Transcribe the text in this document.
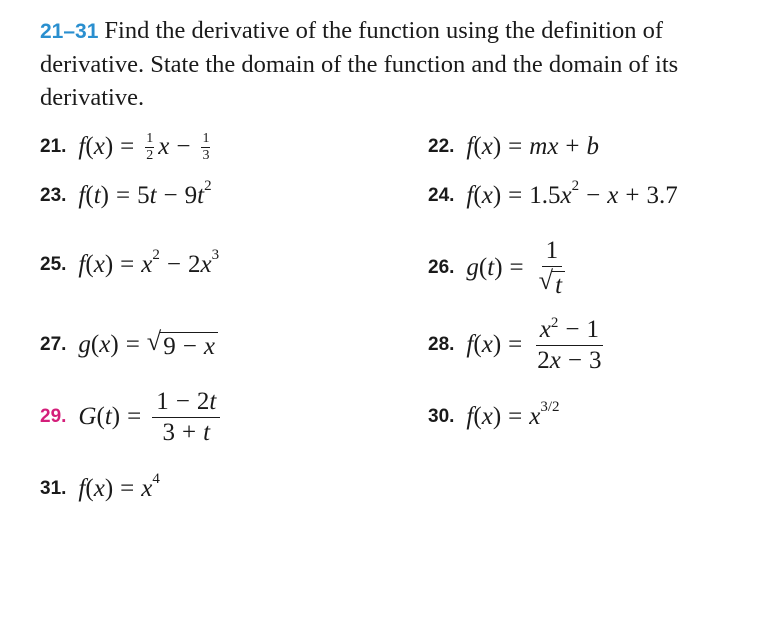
21–31 Find the derivative of the function using the definition of derivative. State the domain of the function and the domain of its derivative.
21. f ( x ) = $\frac{1}{2}$ $x - \frac{1}{3}$	22. f ( x ) = m x + b
23. f ( t ) = 5 t − 9 $t^2$	24. f ( x ) = 1.5 $x^2 - x + 3.7$
25. f ( x ) = $x^2 - 2$ $x^3$
26. g ( t ) = $\frac{1}{√ t}$
27. g ( x ) = √ 9 − x	28. f ( x ) = $\frac{x^2 - 1}{2x - 3}$
29. G ( t ) = $\frac{1 - 2t}{3 + t}$	30. f ( x ) = $x^{3/2}$
31. f ( x ) = $x^4$
